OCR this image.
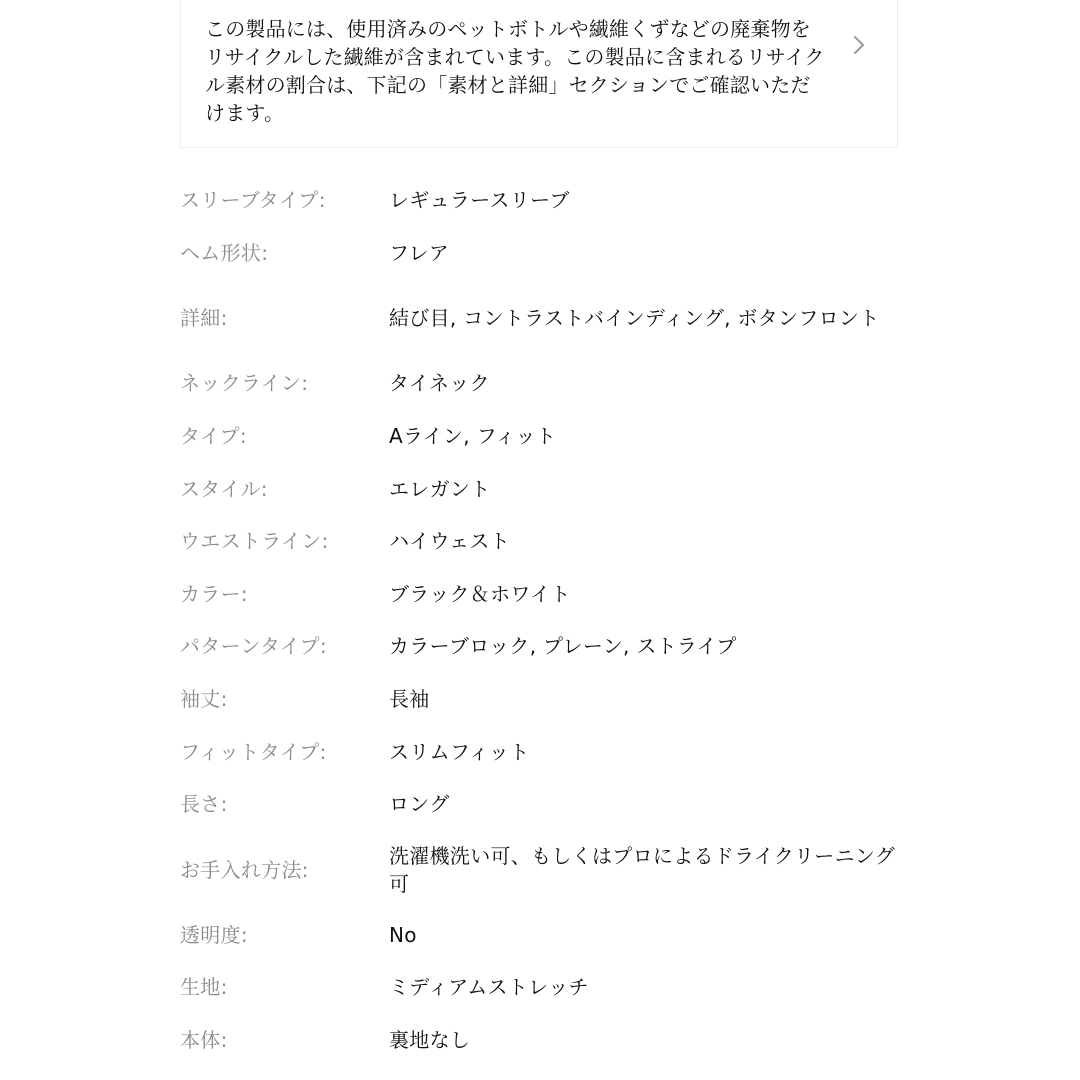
この製品には、使用済みのペットボトルや繊維くずなどの廃棄物をリサイクルした繊維が含まれています。この製品に含まれるリサイクル素材の割合は、下記の「素材と詳細」セクションでご確認いただけます。
スリーブタイプ:	レギュラースリーブ
ヘム形状:	フレア
詳細:	結び目, コントラストバインディング, ボタンフロント
ネックライン:	タイネック
タイプ:	Aライン, フィット
スタイル:	エレガント
ウエストライン:	ハイウェスト
カラー:	ブラック＆ホワイト
パターンタイプ:	カラーブロック, プレーン, ストライプ
袖丈:	長袖
フィットタイプ:	スリムフィット
長さ:	ロング
お手入れ方法:
洗濯機洗い可、もしくはプロによるドライクリーニング可
透明度:	No
生地:	ミディアムストレッチ
本体:	裏地なし
